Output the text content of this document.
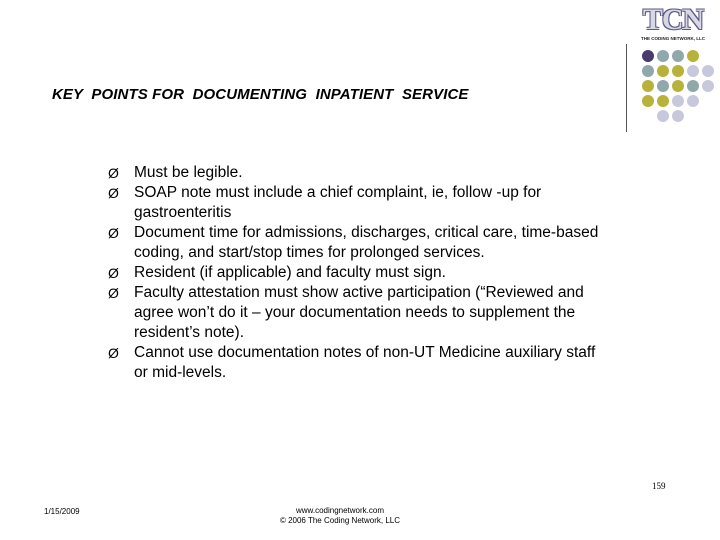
TCN
THE CODING NETWORK, LLC
KEY  POINTS FOR  DOCUMENTING  INPATIENT  SERVICE
Ø Must be legible.
Ø SOAP note must include a chief complaint, ie, follow -up for gastroenteritis
Ø Document time for admissions, discharges, critical care, time-based coding, and start/stop times for prolonged services.
Ø Resident (if applicable) and faculty must sign.
Ø Faculty attestation must show active participation (“Reviewed and agree won’t do it – your documentation needs to supplement the resident’s note).
Ø Cannot use documentation notes of non-UT Medicine auxiliary staff or mid-levels.
159
1/15/2009	www.codingnetwork.com
© 2006 The Coding Network, LLC
